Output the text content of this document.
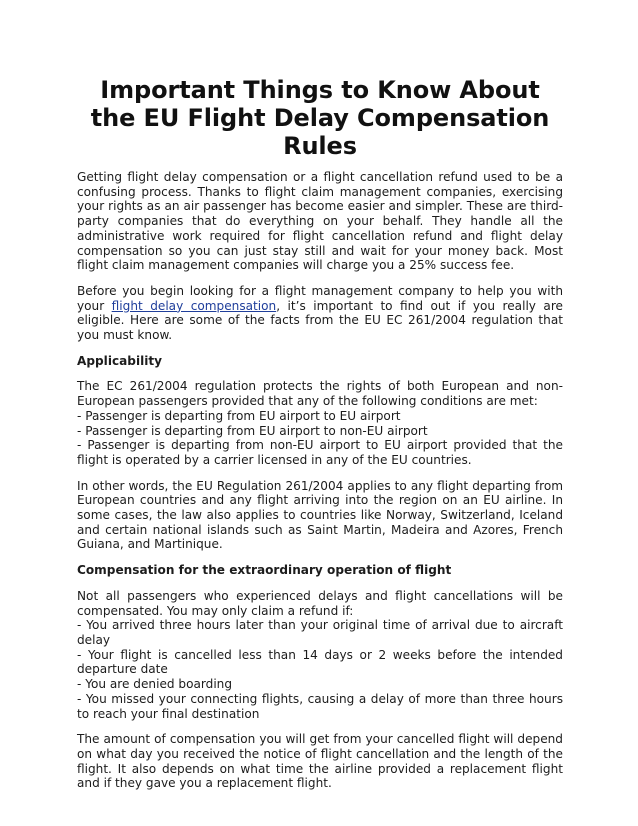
Important Things to Know About the EU Flight Delay Compensation Rules

Getting flight delay compensation or a flight cancellation refund used to be a confusing process. Thanks to flight claim management companies, exercising your rights as an air passenger has become easier and simpler. These are third-party companies that do everything on your behalf. They handle all the administrative work required for flight cancellation refund and flight delay compensation so you can just stay still and wait for your money back. Most flight claim management companies will charge you a 25% success fee.

Before you begin looking for a flight management company to help you with your flight delay compensation, it’s important to find out if you really are eligible. Here are some of the facts from the EU EC 261/2004 regulation that you must know.

Applicability

The EC 261/2004 regulation protects the rights of both European and non-European passengers provided that any of the following conditions are met:
- Passenger is departing from EU airport to EU airport
- Passenger is departing from EU airport to non-EU airport
- Passenger is departing from non-EU airport to EU airport provided that the flight is operated by a carrier licensed in any of the EU countries.

In other words, the EU Regulation 261/2004 applies to any flight departing from European countries and any flight arriving into the region on an EU airline. In some cases, the law also applies to countries like Norway, Switzerland, Iceland and certain national islands such as Saint Martin, Madeira and Azores, French Guiana, and Martinique.

Compensation for the extraordinary operation of flight

Not all passengers who experienced delays and flight cancellations will be compensated. You may only claim a refund if:
- You arrived three hours later than your original time of arrival due to aircraft delay
- Your flight is cancelled less than 14 days or 2 weeks before the intended departure date
- You are denied boarding
- You missed your connecting flights, causing a delay of more than three hours to reach your final destination

The amount of compensation you will get from your cancelled flight will depend on what day you received the notice of flight cancellation and the length of the flight. It also depends on what time the airline provided a replacement flight and if they gave you a replacement flight.
